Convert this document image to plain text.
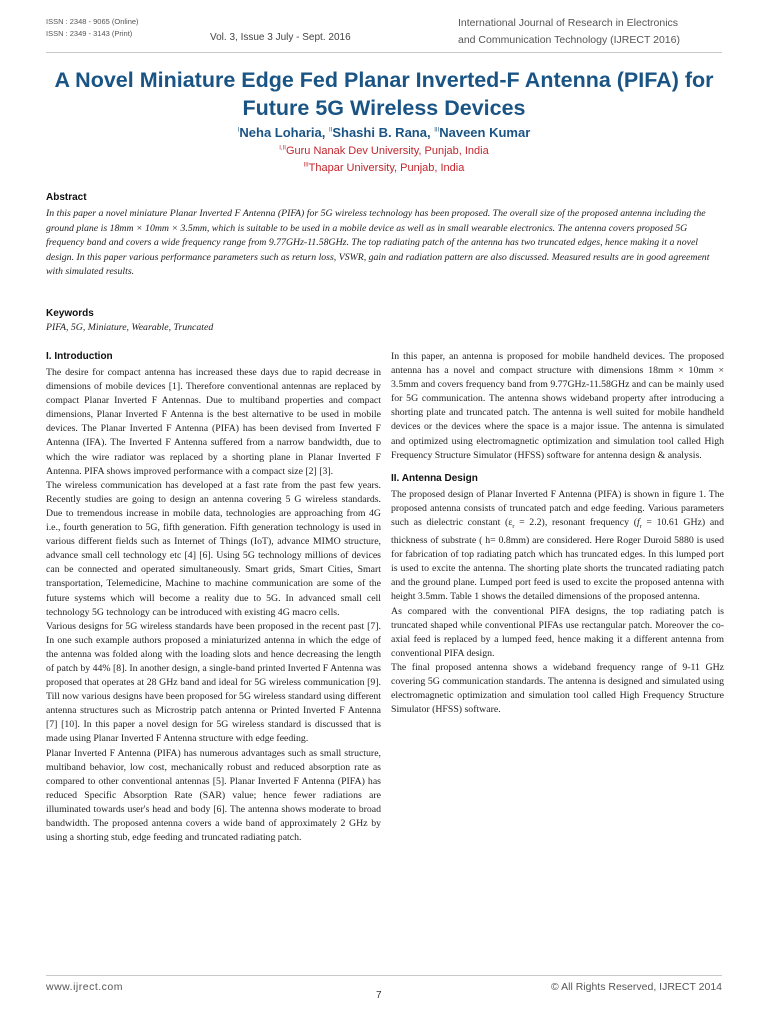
ISSN : 2348 - 9065 (Online)
ISSN : 2349 - 3143 (Print)	Vol. 3, Issue 3 July - Sept. 2016
International Journal of Research in Electronics
and Communication Technology (IJRECT 2016)
A Novel Miniature Edge Fed Planar Inverted-F Antenna (PIFA) for Future 5G Wireless Devices
$^I$Neha Loharia, $^{II}$Shashi B. Rana, $^{III}$Naveen Kumar
$^{I,II}$Guru Nanak Dev University, Punjab, India
$^{III}$Thapar University, Punjab, India
Abstract
In this paper a novel miniature Planar Inverted F Antenna (PIFA) for 5G wireless technology has been proposed. The overall size of the proposed antenna including the ground plane is 18mm × 10mm × 3.5mm, which is suitable to be used in a mobile device as well as in small wearable electronics. The antenna covers proposed 5G frequency band and covers a wide frequency range from 9.77GHz-11.58GHz. The top radiating patch of the antenna has two truncated edges, hence making it a novel design. In this paper various performance parameters such as return loss, VSWR, gain and radiation pattern are also discussed. Measured results are in good agreement with simulated results.
Keywords
PIFA, 5G, Miniature, Wearable, Truncated
I. Introduction

The desire for compact antenna has increased these days due to rapid decrease in dimensions of mobile devices [1]. Therefore conventional antennas are replaced by compact Planar Inverted F Antennas. Due to multiband properties and compact dimensions, Planar Inverted F Antenna is the best alternative to be used in mobile devices. The Planar Inverted F Antenna (PIFA) has been devised from Inverted F Antenna (IFA). The Inverted F Antenna suffered from a narrow bandwidth, due to which the wire radiator was replaced by a shorting plane in Planar Inverted F Antenna. PIFA shows improved performance with a compact size [2] [3].

The wireless communication has developed at a fast rate from the past few years. Recently studies are going to design an antenna covering 5 G wireless standards. Due to tremendous increase in mobile data, technologies are approaching from 4G i.e., fourth generation to 5G, fifth generation. Fifth generation technology is used in various different fields such as Internet of Things (IoT), advance MIMO structure, advance small cell technology etc [4] [6]. Using 5G technology millions of devices can be connected and operated simultaneously. Smart grids, Smart Cities, Smart transportation, Telemedicine, Machine to machine communication are some of the future systems which will become a reality due to 5G. In advanced small cell technology 5G technology can be introduced with existing 4G macro cells.

Various designs for 5G wireless standards have been proposed in the recent past [7]. In one such example authors proposed a miniaturized antenna in which the edge of the antenna was folded along with the loading slots and hence decreasing the length of patch by 44% [8]. In another design, a single-band printed Inverted F Antenna was proposed that operates at 28 GHz band and ideal for 5G wireless communication [9]. Till now various designs have been proposed for 5G wireless standard using different antenna structures such as Microstrip patch antenna or Printed Inverted F Antenna [7] [10]. In this paper a novel design for 5G wireless standard is discussed that is made using Planar Inverted F Antenna structure with edge feeding.

Planar Inverted F Antenna (PIFA) has numerous advantages such as small structure, multiband behavior, low cost, mechanically robust and reduced absorption rate as compared to other conventional antennas [5]. Planar Inverted F Antenna (PIFA) has reduced Specific Absorption Rate (SAR) value; hence fewer radiations are illuminated towards user's head and body [6]. The antenna shows moderate to broad bandwidth. The proposed antenna covers a wide band of approximately 2 GHz by using a shorting stub, edge feeding and truncated radiating patch.

In this paper, an antenna is proposed for mobile handheld devices. The proposed antenna has a novel and compact structure with dimensions 18mm × 10mm × 3.5mm and covers frequency band from 9.77GHz-11.58GHz and can be mainly used for 5G communication. The antenna shows wideband property after introducing a shorting plate and truncated patch. The antenna is well suited for mobile handheld devices or the devices where the space is a major issue. The antenna is simulated and optimized using electromagnetic optimization and simulation tool called High Frequency Structure Simulator (HFSS) software for antenna design & analysis.

II. Antenna Design

The proposed design of Planar Inverted F Antenna (PIFA) is shown in figure 1. The proposed antenna consists of truncated patch and edge feeding. Various parameters such as dielectric constant $(\varepsilon_r = 2.2)$, resonant frequency ($f_r = 10.61$ GHz) and thickness of substrate ( h= 0.8mm) are considered. Here Roger Duroid 5880 is used for fabrication of top radiating patch which has truncated edges. In this lumped port is used to excite the antenna. The shorting plate shorts the truncated radiating patch and the ground plane. Lumped port feed is used to excite the proposed antenna with height 3.5mm. Table 1 shows the detailed dimensions of the proposed antenna.

As compared with the conventional PIFA designs, the top radiating patch is truncated shaped while conventional PIFAs use rectangular patch. Moreover the co-axial feed is replaced by a lumped feed, hence making it a different antenna from conventional PIFA design.

The final proposed antenna shows a wideband frequency range of 9-11 GHz covering 5G communication standards. The antenna is designed and simulated using electromagnetic optimization and simulation tool called High Frequency Structure Simulator (HFSS) software.

www.ijrect.com
7
© All Rights Reserved, IJRECT 2014
